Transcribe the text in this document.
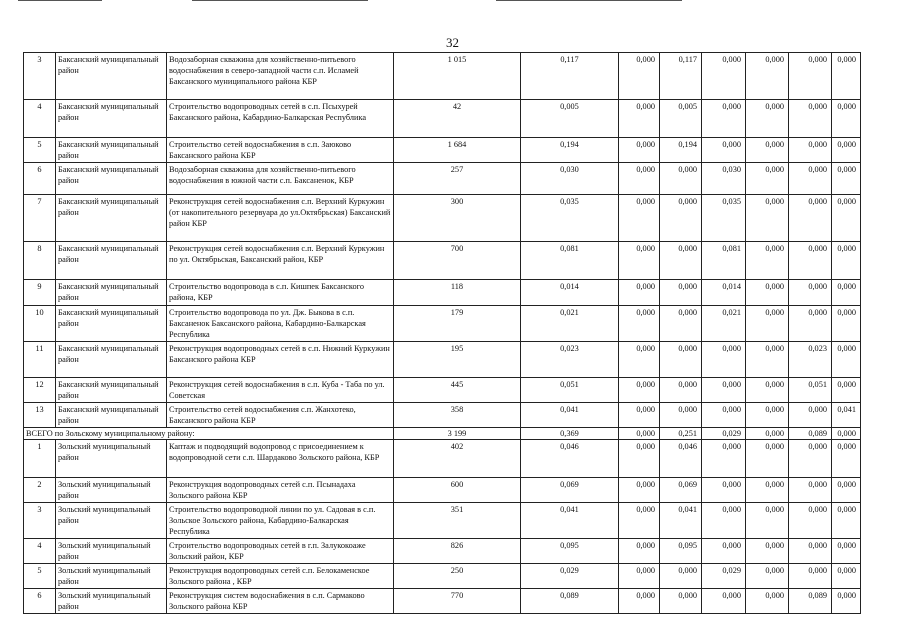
32
3	Баксанский муниципальный район	Водозаборная скважина для хозяйственно-питьевого водоснабжения в северо-западной части с.п. Исламей Баксанского муниципального района КБР	1 015	0,117	0,000	0,117	0,000	0,000	0,000	0,000
4	Баксанский муниципальный район	Строительство водопроводных сетей в с.п. Псыхурей Баксанского района, Кабардино-Балкарская Республика	42	0,005	0,000	0,005	0,000	0,000	0,000	0,000
5	Баксанский муниципальный район	Строительство сетей водоснабжения в с.п. Заюково Баксанского района КБР	1 684	0,194	0,000	0,194	0,000	0,000	0,000	0,000
6	Баксанский муниципальный район	Водозаборная скважина для хозяйственно-питьевого водоснабжения в южной части с.п. Баксаненок, КБР	257	0,030	0,000	0,000	0,030	0,000	0,000	0,000
7	Баксанский муниципальный район	Реконструкция сетей водоснабжения с.п. Верхний Куркужин (от накопительного резервуара до ул.Октябрьская) Баксанский район КБР	300	0,035	0,000	0,000	0,035	0,000	0,000	0,000
8	Баксанский муниципальный район	Реконструкция сетей водоснабжения с.п. Верхний Куркужин по ул. Октябрьская, Баксанский район, КБР	700	0,081	0,000	0,000	0,081	0,000	0,000	0,000
9	Баксанский муниципальный район	Строительство водопровода в с.п. Кишпек Баксанского района, КБР	118	0,014	0,000	0,000	0,014	0,000	0,000	0,000
10	Баксанский муниципальный район	Строительство водопровода по ул. Дж. Быкова в с.п. Баксаненок Баксанского района, Кабардино-Балкарская Республика	179	0,021	0,000	0,000	0,021	0,000	0,000	0,000
11	Баксанский муниципальный район	Реконструкция водопроводных сетей в с.п. Нижний Куркужин Баксанского района КБР	195	0,023	0,000	0,000	0,000	0,000	0,023	0,000
12	Баксанский муниципальный район	Реконструкция сетей водоснабжения в с.п. Куба - Таба по ул. Советская	445	0,051	0,000	0,000	0,000	0,000	0,051	0,000
13	Баксанский муниципальный район	Строительство сетей водоснабжения с.п. Жанхотеко, Баксанского района КБР	358	0,041	0,000	0,000	0,000	0,000	0,000	0,041
ВСЕГО по Зольскому муниципальному району:			3 199	0,369	0,000	0,251	0,029	0,000	0,089	0,000
1	Зольский муниципальный район	Каптаж и подводящий водопровод с присоединением к водопроводной сети с.п. Шардаково Зольского района, КБР	402	0,046	0,000	0,046	0,000	0,000	0,000	0,000
2	Зольский муниципальный район	Реконструкция водопроводных сетей с.п. Псынадаха Зольского района КБР	600	0,069	0,000	0,069	0,000	0,000	0,000	0,000
3	Зольский муниципальный район	Строительство водопроводной линии по ул. Садовая в с.п. Зольское Зольского района, Кабардино-Балкарская Республика	351	0,041	0,000	0,041	0,000	0,000	0,000	0,000
4	Зольский муниципальный район	Строительство водопроводных сетей в г.п. Залукокоаже Зольский район, КБР	826	0,095	0,000	0,095	0,000	0,000	0,000	0,000
5	Зольский муниципальный район	Реконструкция водопроводных сетей с.п. Белокаменское Зольского района , КБР	250	0,029	0,000	0,000	0,029	0,000	0,000	0,000
6	Зольский муниципальный район	Реконструкция систем водоснабжения в с.п. Сармаково Зольского района КБР	770	0,089	0,000	0,000	0,000	0,000	0,089	0,000
